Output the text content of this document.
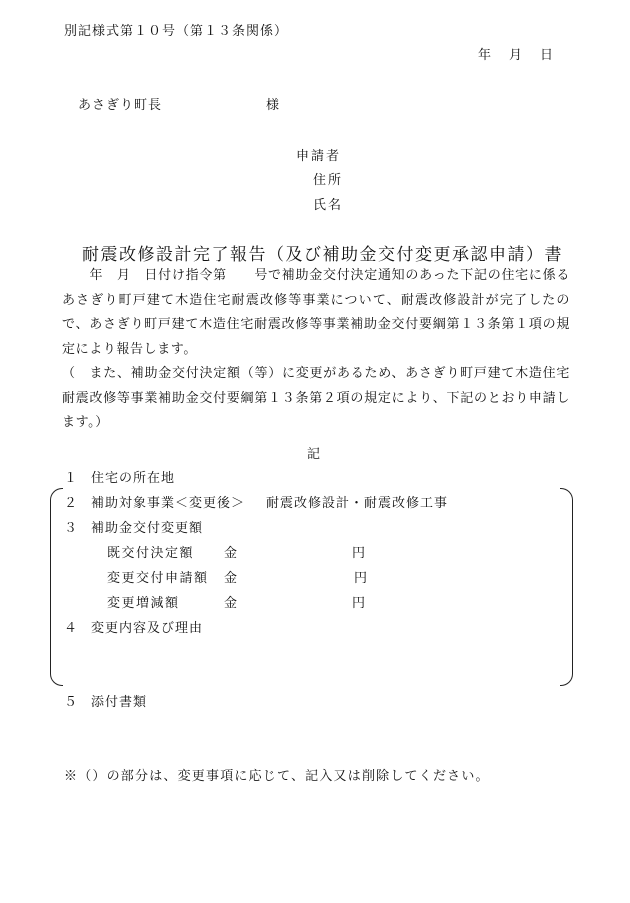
別記様式第１０号（第１３条関係）
年 月 日
あさぎり町長	様
申請者
住所
氏名
耐震改修設計完了報告（及び補助金交付変更承認申請）書

　　年　月　日付け指令第　　号で補助金交付決定通知のあった下記の住宅に係るあさぎり町戸建て木造住宅耐震改修等事業について、耐震改修設計が完了したので、あさぎり町戸建て木造住宅耐震改修等事業補助金交付要綱第１３条第１項の規定により報告します。

（　また、補助金交付決定額（等）に変更があるため、あさぎり町戸建て木造住宅耐震改修等事業補助金交付要綱第１３条第２項の規定により、下記のとおり申請します。）

記
１ 住宅の所在地
２ 補助対象事業＜変更後＞ 耐震改修設計・耐震改修工事
３ 補助金交付変更額
既交付決定額 金	円
変更交付申請額 金	円
変更増減額	金	円
４ 変更内容及び理由
５ 添付書類
※（）の部分は、変更事項に応じて、記入又は削除してください。
